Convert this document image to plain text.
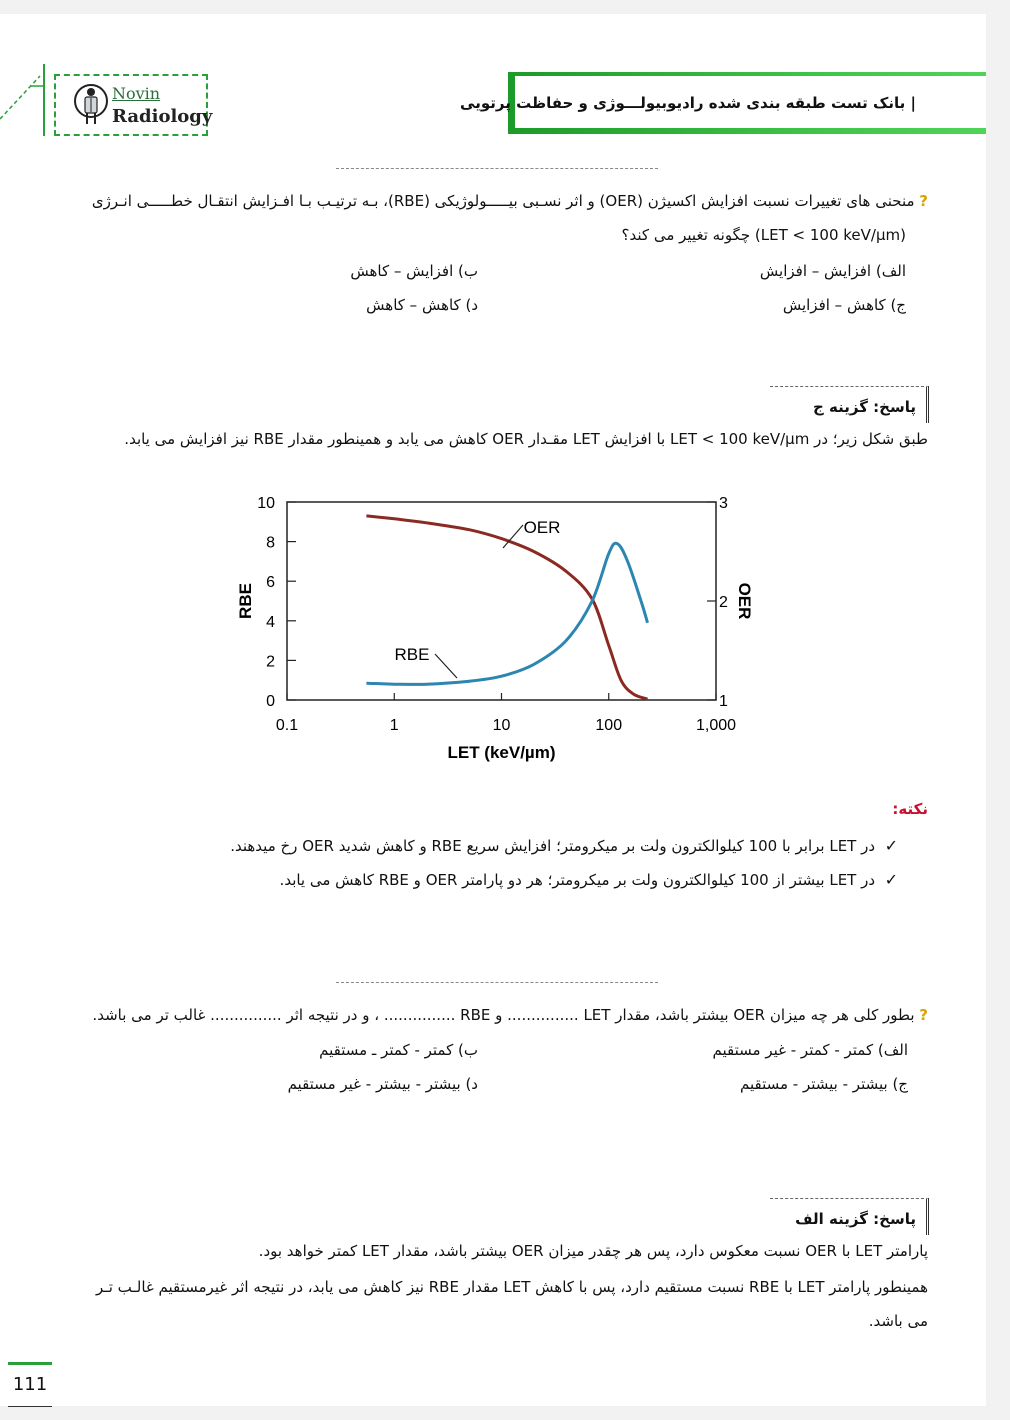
Novin
Radiology
| بانک تست طبقه بندی شده رادیوبیولـــوژی و حفاظت پرتویی
? منحنی های تغییرات نسبت افزایش اکسیژن (OER) و اثر نسـبی بیـــــولوژیکی (RBE)، بـه ترتیـب بـا افـزایش انتقـال خطـــــی انـرژی
(LET < 100 keV/μm) چگونه تغییر می کند؟
الف) افزایش – افزایش
ب) افزایش – کاهش
ج) کاهش – افزایش
د) کاهش – کاهش
پاسخ: گزینه ج
طبق شکل زیر؛ در LET < 100 keV/μm با افزایش LET مقـدار OER کاهش می یابد و همینطور مقدار RBE نیز افزایش می یابد.
0.1	1	10	100	1,000
0
2
4
6
8
10
1
2
3
LET (keV/µm)
RBE	OER
OER
RBE
نکته:
✓  در LET برابر با 100 کیلوالکترون ولت بر میکرومتر؛ افزایش سریع RBE و کاهش شدید OER رخ میدهند.
✓  در LET بیشتر از 100 کیلوالکترون ولت بر میکرومتر؛ هر دو پارامتر OER و RBE کاهش می یابد.
? بطور کلی هر چه میزان OER بیشتر باشد، مقدار LET ............... و RBE ............... ، و در نتیجه اثر ............... غالب تر می باشد.
الف) کمتر - کمتر - غیر مستقیم
ب) کمتر - کمتر ـ مستقیم
ج) بیشتر - بیشتر - مستقیم
د) بیشتر - بیشتر - غیر مستقیم
پاسخ: گزینه الف
پارامتر LET با OER نسبت معکوس دارد، پس هر چقدر میزان OER بیشتر باشد، مقدار LET کمتر خواهد بود.
همینطور پارامتر LET با RBE نسبت مستقیم دارد، پس با کاهش LET مقدار RBE نیز کاهش می یابد، در نتیجه اثر غیرمستقیم غالـب تـر
می باشد.
111
